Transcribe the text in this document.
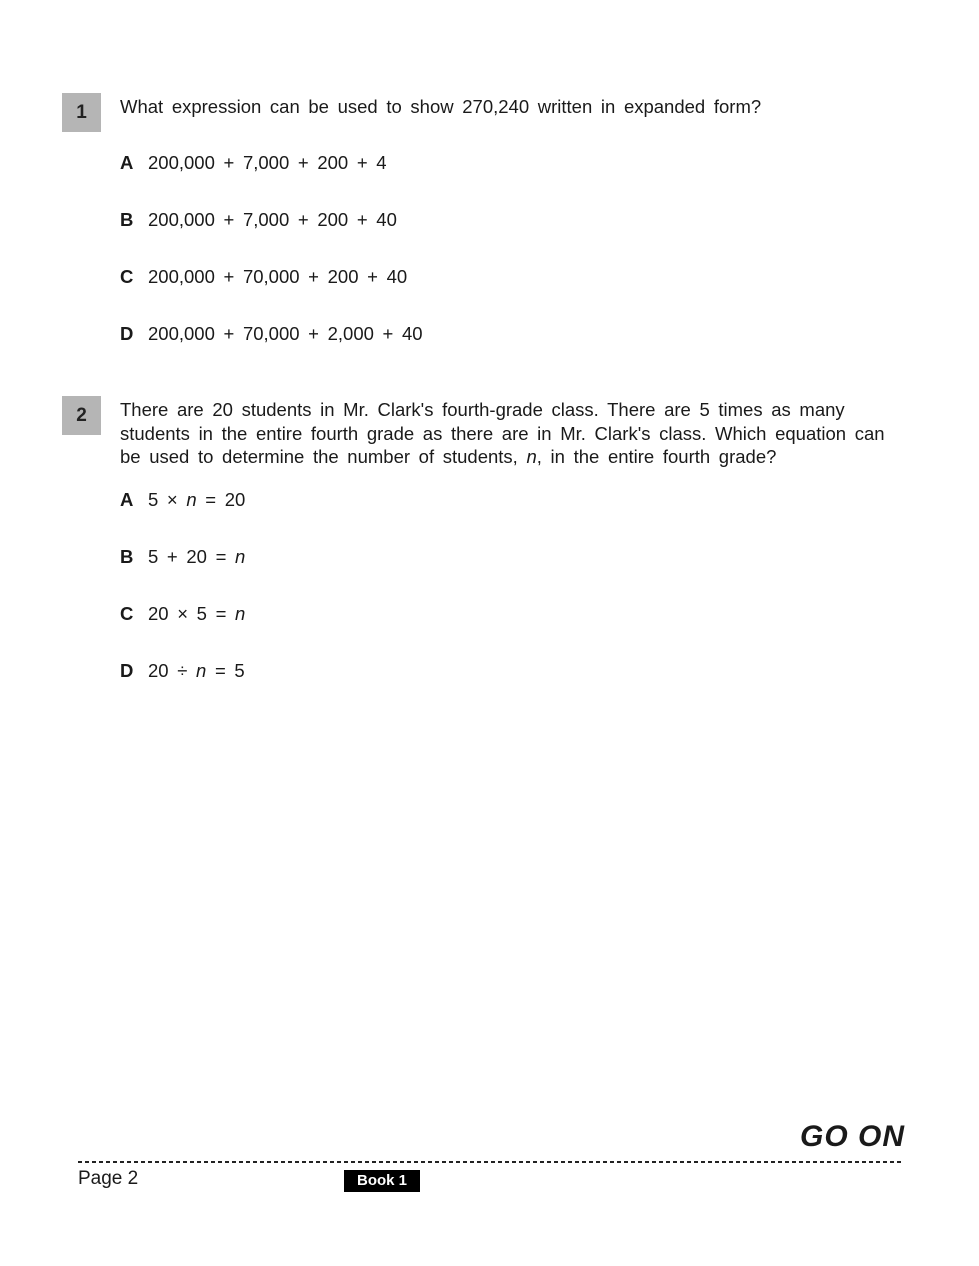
1	What expression can be used to show 270,240 written in expanded form?

A 200,000 + 7,000 + 200 + 4
B 200,000 + 7,000 + 200 + 40
C 200,000 + 70,000 + 200 + 40
D 200,000 + 70,000 + 2,000 + 40
2	There are 20 students in Mr. Clark's fourth-grade class. There are 5 times as many students in the entire fourth grade as there are in Mr. Clark's class. Which equation can be used to determine the number of students, n, in the entire fourth grade?

A 5 × n = 20
B 5 + 20 = n
C 20 × 5 = n
D 20 ÷ n = 5
GO ON
Page 2	Book 1
